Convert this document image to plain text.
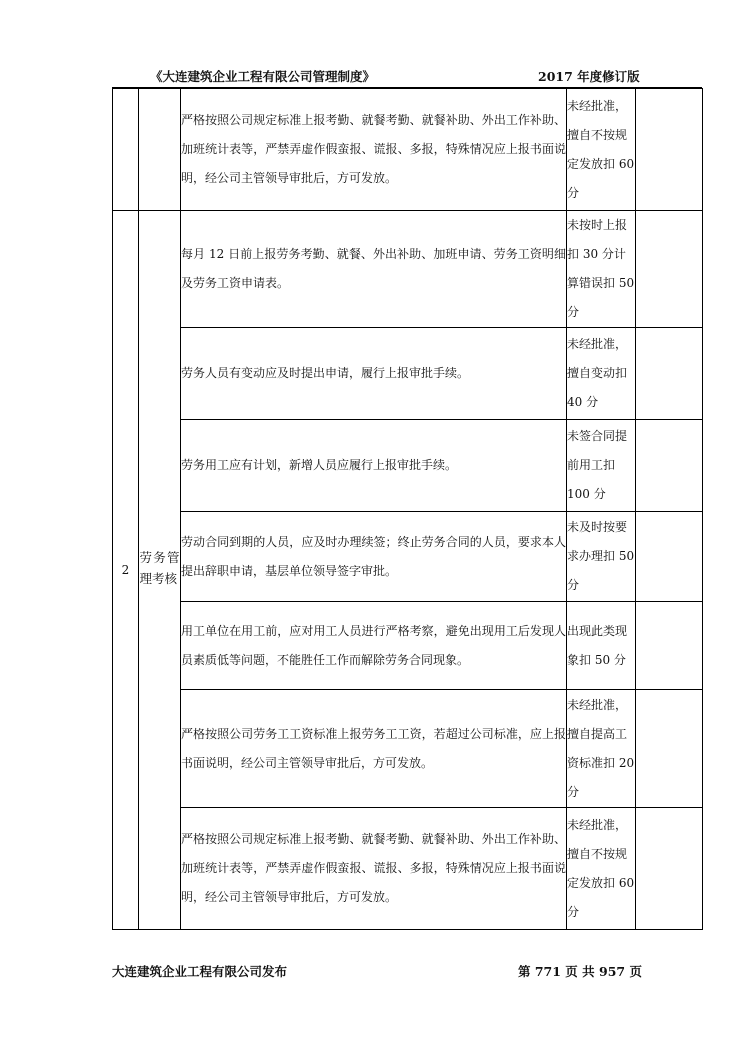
《大连建筑企业工程有限公司管理制度》	2017 年度修订版

		严格按照公司规定标准上报考勤、就餐考勤、就餐补助、外出工作补助、加班统计表等，严禁弄虚作假蛮报、谎报、多报，特殊情况应上报书面说明，经公司主管领导审批后，方可发放。	未经批准，擅自不按规定发放扣 60 分	

2	劳务管理考核	每月 12 日前上报劳务考勤、就餐、外出补助、加班申请、劳务工资明细及劳务工资申请表。	未按时上报扣 30 分计算错误扣 50 分	

		劳务人员有变动应及时提出申请，履行上报审批手续。	未经批准，擅自变动扣 40 分	

		劳务用工应有计划，新增人员应履行上报审批手续。	未签合同提前用工扣 100 分	

		劳动合同到期的人员，应及时办理续签；终止劳务合同的人员，要求本人提出辞职申请，基层单位领导签字审批。	未及时按要求办理扣 50 分	

		用工单位在用工前，应对用工人员进行严格考察，避免出现用工后发现人员素质低等问题，不能胜任工作而解除劳务合同现象。	出现此类现象扣 50 分	

		严格按照公司劳务工工资标准上报劳务工工资，若超过公司标准，应上报书面说明，经公司主管领导审批后，方可发放。	未经批准，擅自提高工资标准扣 20 分	

		严格按照公司规定标准上报考勤、就餐考勤、就餐补助、外出工作补助、加班统计表等，严禁弄虚作假蛮报、谎报、多报，特殊情况应上报书面说明，经公司主管领导审批后，方可发放。	未经批准，擅自不按规定发放扣 60 分	

大连建筑企业工程有限公司发布	第 771 页 共 957 页
